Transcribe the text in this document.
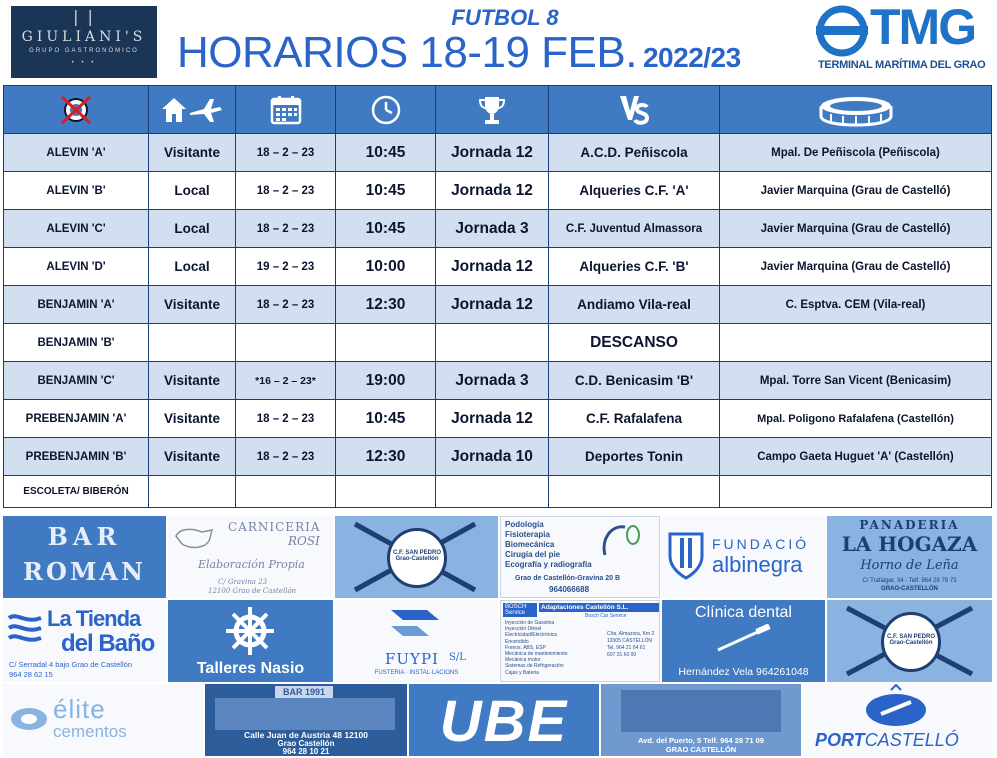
| |
GIULIANI'S
GRUPO GASTRONÓMICO
• • •
FUTBOL 8
HORARIOS 18-19 FEB. 2022/23
TMG
TERMINAL MARÍTIMA DEL GRAO

ALEVIN 'A'	Visitante	18 – 2 – 23	10:45	Jornada 12	A.C.D. Peñiscola	Mpal. De Peñiscola (Peñiscola)
ALEVIN 'B'	Local	18 – 2 – 23	10:45	Jornada 12	Alqueries C.F. 'A'	Javier Marquina (Grau de Castelló)
ALEVIN 'C'	Local	18 – 2 – 23	10:45	Jornada 3	C.F. Juventud Almassora	Javier Marquina (Grau de Castelló)
ALEVIN 'D'	Local	19 – 2 – 23	10:00	Jornada 12	Alqueries C.F. 'B'	Javier Marquina (Grau de Castelló)
BENJAMIN 'A'	Visitante	18 – 2 – 23	12:30	Jornada 12	Andiamo Vila-real	C. Esptva. CEM (Vila-real)
BENJAMIN 'B'					DESCANSO	
BENJAMIN 'C'	Visitante	*16 – 2 – 23*	19:00	Jornada 3	C.D. Benicasim 'B'	Mpal. Torre San Vicent (Benicasim)
PREBENJAMIN 'A'	Visitante	18 – 2 – 23	10:45	Jornada 12	C.F. Rafalafena	Mpal. Poligono Rafalafena (Castellón)
PREBENJAMIN 'B'	Visitante	18 – 2 – 23	12:30	Jornada 10	Deportes Tonin	Campo Gaeta Huguet 'A' (Castellón)
ESCOLETA/ BIBERÓN						
BAR
ROMAN
CARNICERIA
ROSI
Elaboración Propia
C/ Gravina 23
12100 Grao de Castellón
C.F. SAN PEDRO Grao-Castellón
Podología
Fisioterapia
Biomecánica
Cirugía del pie
Ecografía y radiografía
Grao de Castellón-Gravina 20 B
964066688
FUNDACIÓ
albinegra
PANADERIA
LA HOGAZA
Horno de Leña
C/ Trafalgar, 34 - Telf. 964 28 79 73
GRAO-CASTELLÓN
La Tienda
del Baño
C/ Serradal 4 bajo Grao de Castellón
964 28 62 15	Talleres Nasio
FUYPI S/L
FUSTERIA · INSTAL·LACIONS
BOSCH Service
Adaptaciones Castellón S.L.
Bosch Car Service
Inyección de Gasolina
Inyección Diésel
Electricidad/Electrónica
Encendido
Frenos, ABS, ESP
Mecánica de mantenimiento
Mecánica motor
Sistemas de Refrigeración
Cajas y Bateria
C/ta. Almazora, Km 2
12005 CASTELLÓN
Tel. 964 21 64 61
607 31 60 00
Clínica dental
Hernández Vela 964261048
C.F. SAN PEDRO Grao-Castellón
élite
cementos
BAR 1991
Calle Juan de Austria 48 12100
Grao Castellón
964 28 10 21	UBE	Avd. del Puerto, 5 Telf. 964 28 71 09
GRAO CASTELLÓN	PORTCASTELLÓ
